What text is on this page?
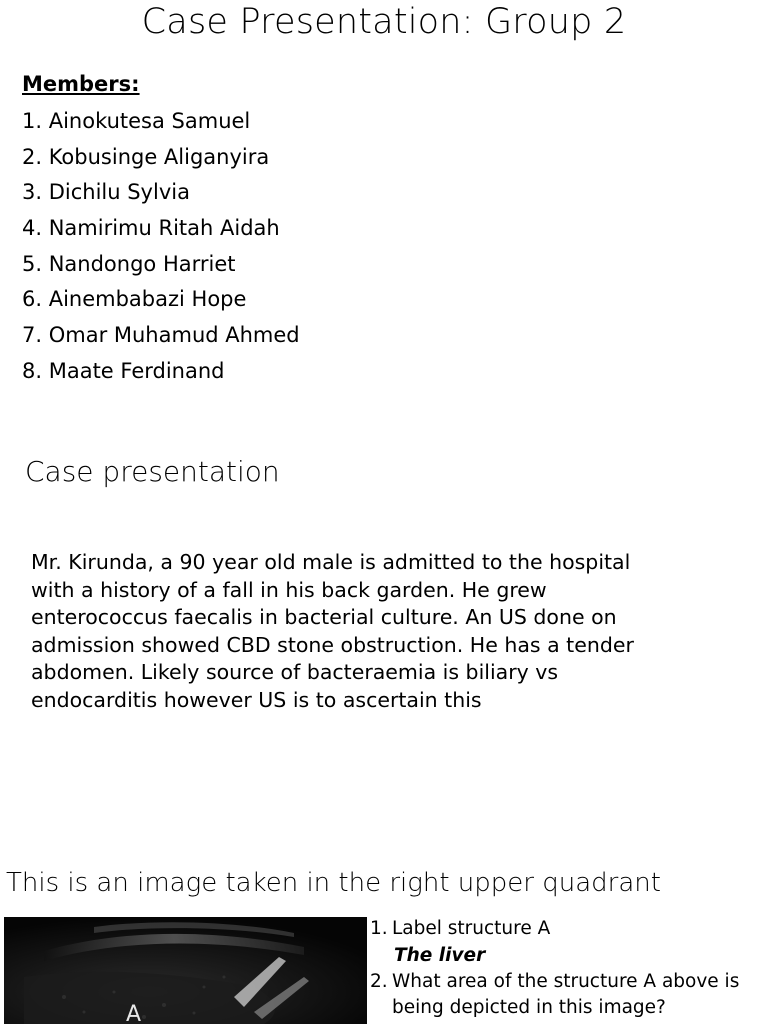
Case Presentation: Group 2
Members:
1. Ainokutesa Samuel
2. Kobusinge Aliganyira
3. Dichilu Sylvia
4. Namirimu Ritah Aidah
5. Nandongo Harriet
6. Ainembabazi Hope
7. Omar Muhamud Ahmed
8. Maate Ferdinand
Case presentation
Mr. Kirunda, a 90 year old male is admitted to the hospital with a history of a fall in his back garden. He grew enterococcus faecalis in bacterial culture. An US done on admission showed CBD stone obstruction. He has a tender abdomen. Likely source of bacteraemia is biliary vs endocarditis however US is to ascertain this
This is an image taken in the right upper quadrant
A
1. Label structure A
The liver
2. What area of the structure A above is being depicted in this image?
